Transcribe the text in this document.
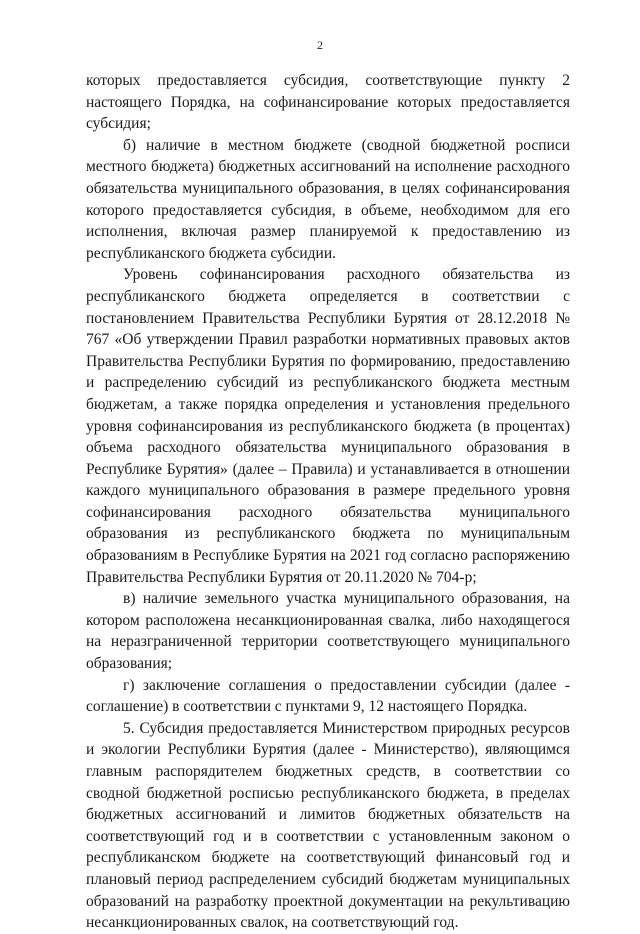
2

которых предоставляется субсидия, соответствующие пункту 2 настоящего Порядка, на софинансирование которых предоставляется субсидия;

б) наличие в местном бюджете (сводной бюджетной росписи местного бюджета) бюджетных ассигнований на исполнение расходного обязательства муниципального образования, в целях софинансирования которого предоставляется субсидия, в объеме, необходимом для его исполнения, включая размер планируемой к предоставлению из республиканского бюджета субсидии.

Уровень софинансирования расходного обязательства из республиканского бюджета определяется в соответствии с постановлением Правительства Республики Бурятия от 28.12.2018 № 767 «Об утверждении Правил разработки нормативных правовых актов Правительства Республики Бурятия по формированию, предоставлению и распределению субсидий из республиканского бюджета местным бюджетам, а также порядка определения и установления предельного уровня софинансирования из республиканского бюджета (в процентах) объема расходного обязательства муниципального образования в Республике Бурятия» (далее – Правила) и устанавливается в отношении каждого муниципального образования в размере предельного уровня софинансирования расходного обязательства муниципального образования из республиканского бюджета по муниципальным образованиям в Республике Бурятия на 2021 год согласно распоряжению Правительства Республики Бурятия от 20.11.2020 № 704-р;

в) наличие земельного участка муниципального образования, на котором расположена несанкционированная свалка, либо находящегося на неразграниченной территории соответствующего муниципального образования;

г) заключение соглашения о предоставлении субсидии (далее - соглашение) в соответствии с пунктами 9, 12 настоящего Порядка.

5. Субсидия предоставляется Министерством природных ресурсов и экологии Республики Бурятия (далее - Министерство), являющимся главным распорядителем бюджетных средств, в соответствии со сводной бюджетной росписью республиканского бюджета, в пределах бюджетных ассигнований и лимитов бюджетных обязательств на соответствующий год и в соответствии с установленным законом о республиканском бюджете на соответствующий финансовый год и плановый период распределением субсидий бюджетам муниципальных образований на разработку проектной документации на рекультивацию несанкционированных свалок, на соответствующий год.
